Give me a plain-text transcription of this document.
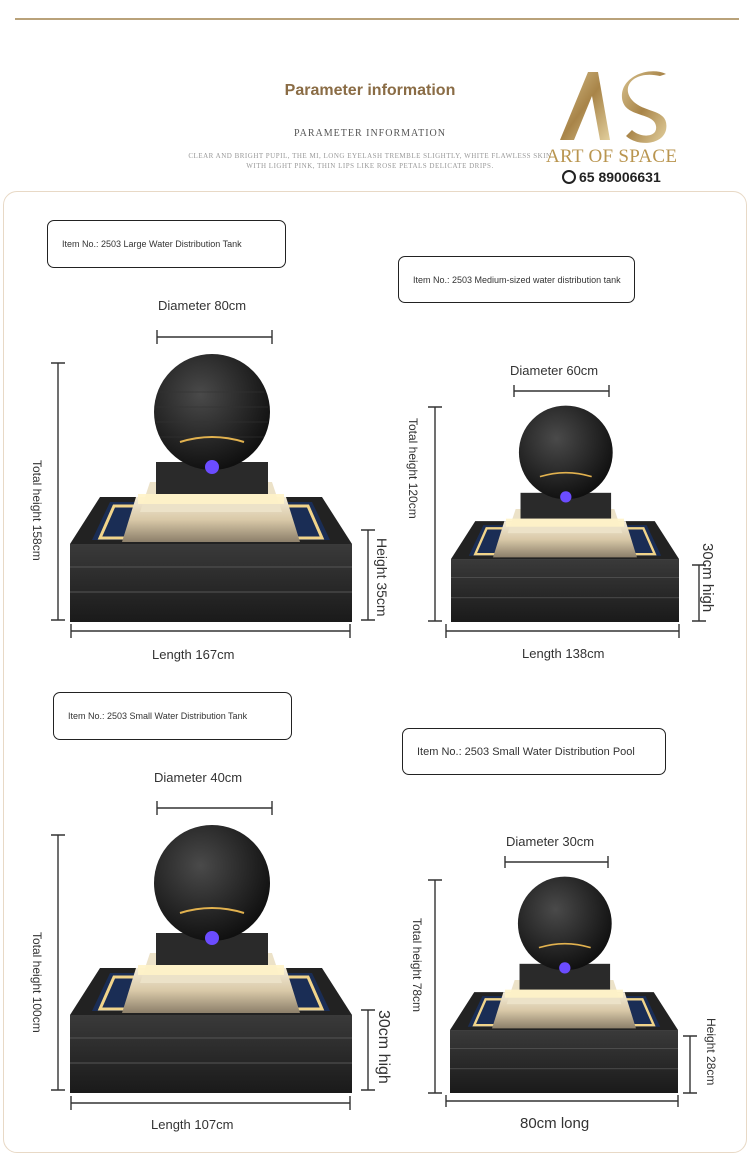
Parameter information
PARAMETER INFORMATION
CLEAR AND BRIGHT PUPIL, THE MI, LONG EYELASH TREMBLE SLIGHTLY, WHITE FLAWLESS SKIN
WITH LIGHT PINK, THIN LIPS LIKE ROSE PETALS DELICATE DRIPS.	ART OF SPACE
65 89006631
Item No.: 2503 Large Water Distribution Tank
Item No.: 2503 Medium-sized water distribution tank
Item No.: 2503 Small Water Distribution Tank
Item No.: 2503 Small Water Distribution Pool
Diameter 80cm
Diameter 60cm
Diameter 40cm
Diameter 30cm
Length 167cm	Length 138cm
Length 107cm	80cm long
Total height 158cm	Total height 120cm
Total height 100cm	Total height 78cm
Height 35cm	30cm high
30cm high	Height 28cm
